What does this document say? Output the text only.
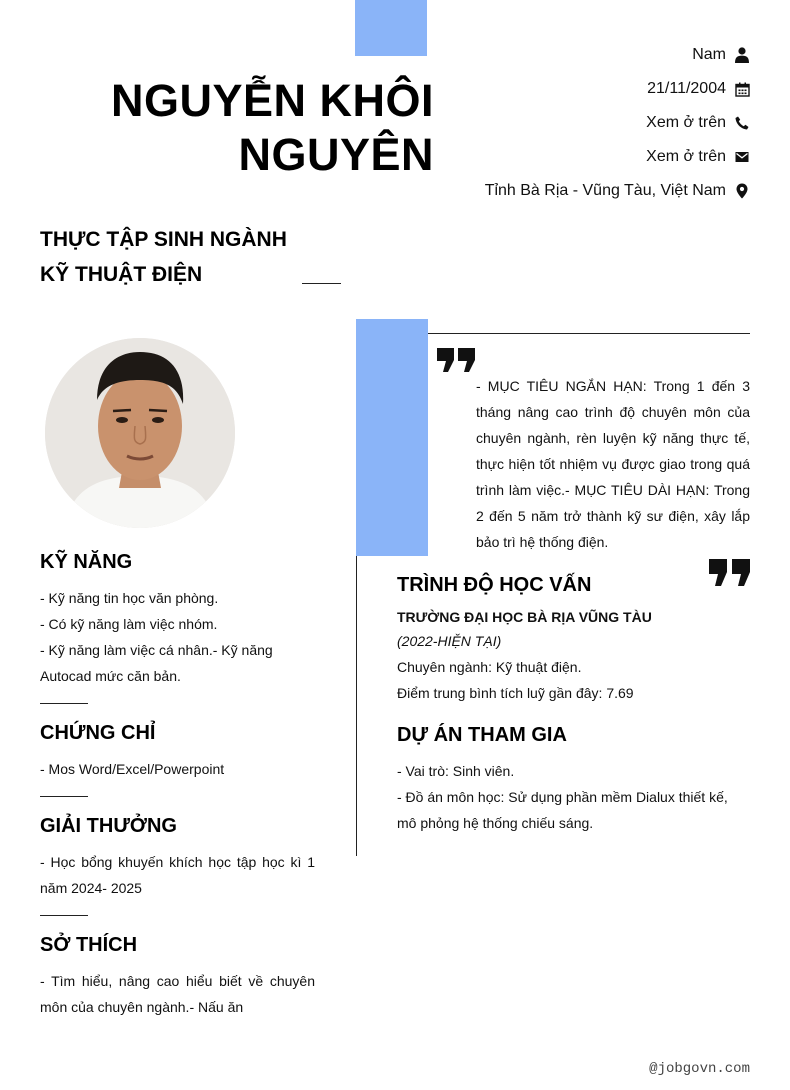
NGUYỄN KHÔI
NGUYÊN
Nam
21/11/2004
Xem ở trên
Xem ở trên
Tỉnh Bà Rịa - Vũng Tàu, Việt Nam
THỰC TẬP SINH NGÀNH
KỸ THUẬT ĐIỆN
KỸ NĂNG
- Kỹ năng tin học văn phòng.
- Có kỹ năng làm việc nhóm.
- Kỹ năng làm việc cá nhân.- Kỹ năng Autocad mức căn bản.
CHỨNG CHỈ
- Mos Word/Excel/Powerpoint
GIẢI THƯỞNG
- Học bổng khuyến khích học tập học kì 1 năm 2024- 2025
SỞ THÍCH
- Tìm hiểu, nâng cao hiểu biết về chuyên môn của chuyên ngành.- Nấu ăn
- MỤC TIÊU NGẮN HẠN: Trong 1 đến 3 tháng nâng cao trình độ chuyên môn của chuyên ngành, rèn luyện kỹ năng thực tế, thực hiện tốt nhiệm vụ được giao trong quá trình làm việc.- MỤC TIÊU DÀI HẠN: Trong 2 đến 5 năm trở thành kỹ sư điện, xây lắp bảo trì hệ thống điện.
TRÌNH ĐỘ HỌC VẤN
TRƯỜNG ĐẠI HỌC BÀ RỊA VŨNG TÀU
(2022-HIỆN TẠI)
Chuyên ngành: Kỹ thuật điện.
Điểm trung bình tích luỹ gần đây: 7.69
DỰ ÁN THAM GIA
- Vai trò: Sinh viên.
- Đồ án môn học: Sử dụng phần mềm Dialux thiết kế, mô phỏng hệ thống chiếu sáng.
@jobgovn.com
